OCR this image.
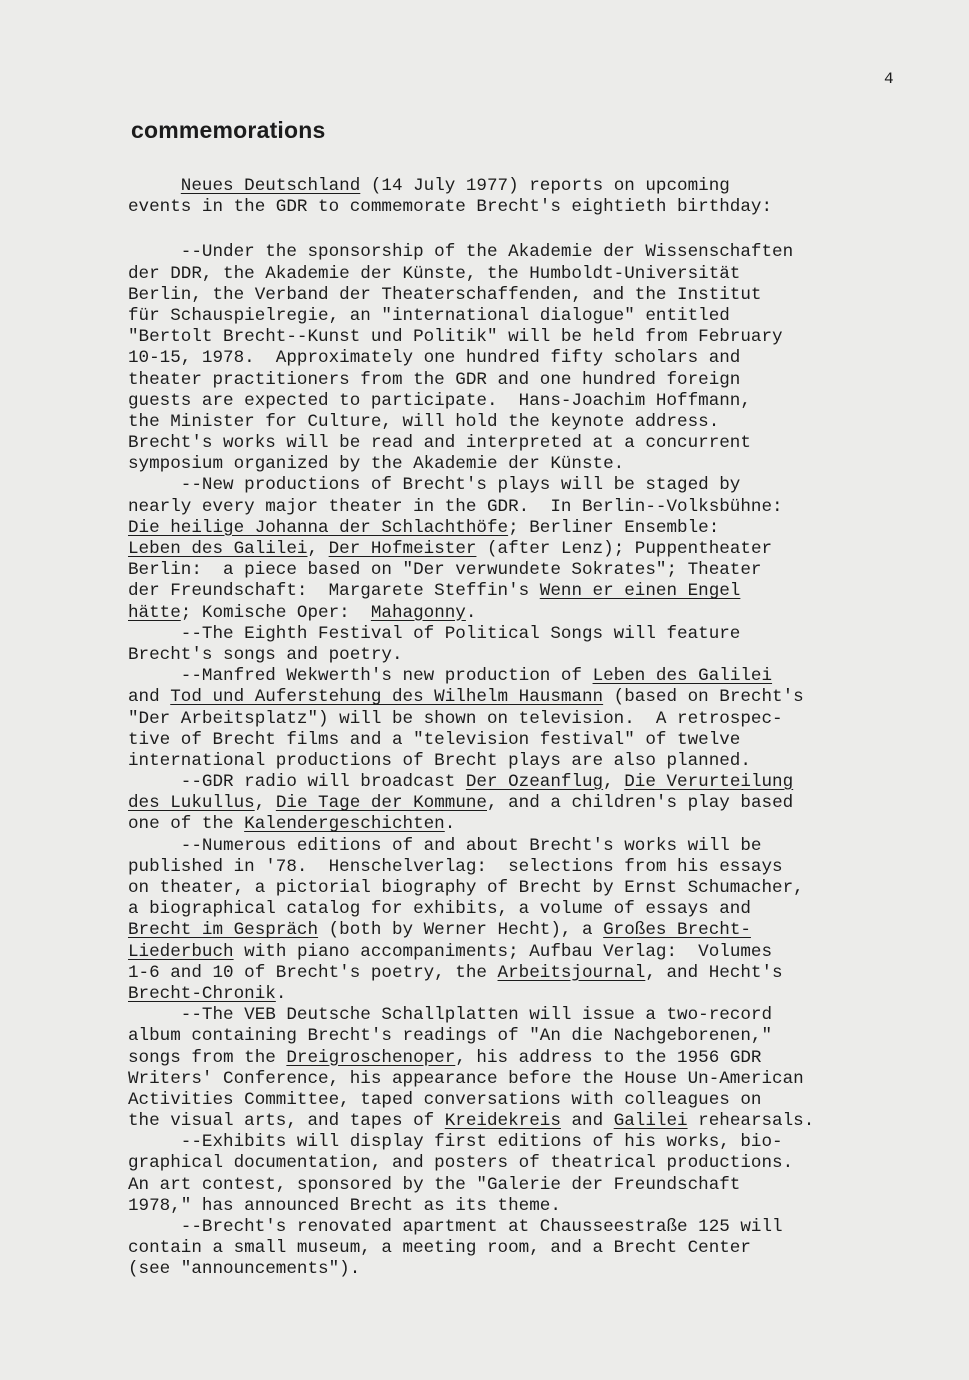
4
commemorations
Neues Deutschland (14 July 1977) reports on upcoming
events in the GDR to commemorate Brecht's eightieth birthday:
--Under the sponsorship of the Akademie der Wissenschaften
der DDR, the Akademie der Künste, the Humboldt-Universität
Berlin, the Verband der Theaterschaffenden, and the Institut
für Schauspielregie, an "international dialogue" entitled
"Bertolt Brecht--Kunst und Politik" will be held from February
10-15, 1978.  Approximately one hundred fifty scholars and
theater practitioners from the GDR and one hundred foreign
guests are expected to participate.  Hans-Joachim Hoffmann,
the Minister for Culture, will hold the keynote address.
Brecht's works will be read and interpreted at a concurrent
symposium organized by the Akademie der Künste.
--New productions of Brecht's plays will be staged by
nearly every major theater in the GDR.  In Berlin--Volksbühne:
Die heilige Johanna der Schlachthöfe; Berliner Ensemble:
Leben des Galilei, Der Hofmeister (after Lenz); Puppentheater
Berlin:  a piece based on "Der verwundete Sokrates"; Theater
der Freundschaft:  Margarete Steffin's Wenn er einen Engel
hätte; Komische Oper:  Mahagonny.
--The Eighth Festival of Political Songs will feature
Brecht's songs and poetry.
--Manfred Wekwerth's new production of Leben des Galilei
and Tod und Auferstehung des Wilhelm Hausmann (based on Brecht's
"Der Arbeitsplatz") will be shown on television.  A retrospec-
tive of Brecht films and a "television festival" of twelve
international productions of Brecht plays are also planned.
--GDR radio will broadcast Der Ozeanflug, Die Verurteilung
des Lukullus, Die Tage der Kommune, and a children's play based
one of the Kalendergeschichten.
--Numerous editions of and about Brecht's works will be
published in '78.  Henschelverlag:  selections from his essays
on theater, a pictorial biography of Brecht by Ernst Schumacher,
a biographical catalog for exhibits, a volume of essays and
Brecht im Gespräch (both by Werner Hecht), a Großes Brecht-
Liederbuch with piano accompaniments; Aufbau Verlag:  Volumes
1-6 and 10 of Brecht's poetry, the Arbeitsjournal, and Hecht's
Brecht-Chronik.
--The VEB Deutsche Schallplatten will issue a two-record
album containing Brecht's readings of "An die Nachgeborenen,"
songs from the Dreigroschenoper, his address to the 1956 GDR
Writers' Conference, his appearance before the House Un-American
Activities Committee, taped conversations with colleagues on
the visual arts, and tapes of Kreidekreis and Galilei rehearsals.
--Exhibits will display first editions of his works, bio-
graphical documentation, and posters of theatrical productions.
An art contest, sponsored by the "Galerie der Freundschaft
1978," has announced Brecht as its theme.
--Brecht's renovated apartment at Chausseestraße 125 will
contain a small museum, a meeting room, and a Brecht Center
(see "announcements").
